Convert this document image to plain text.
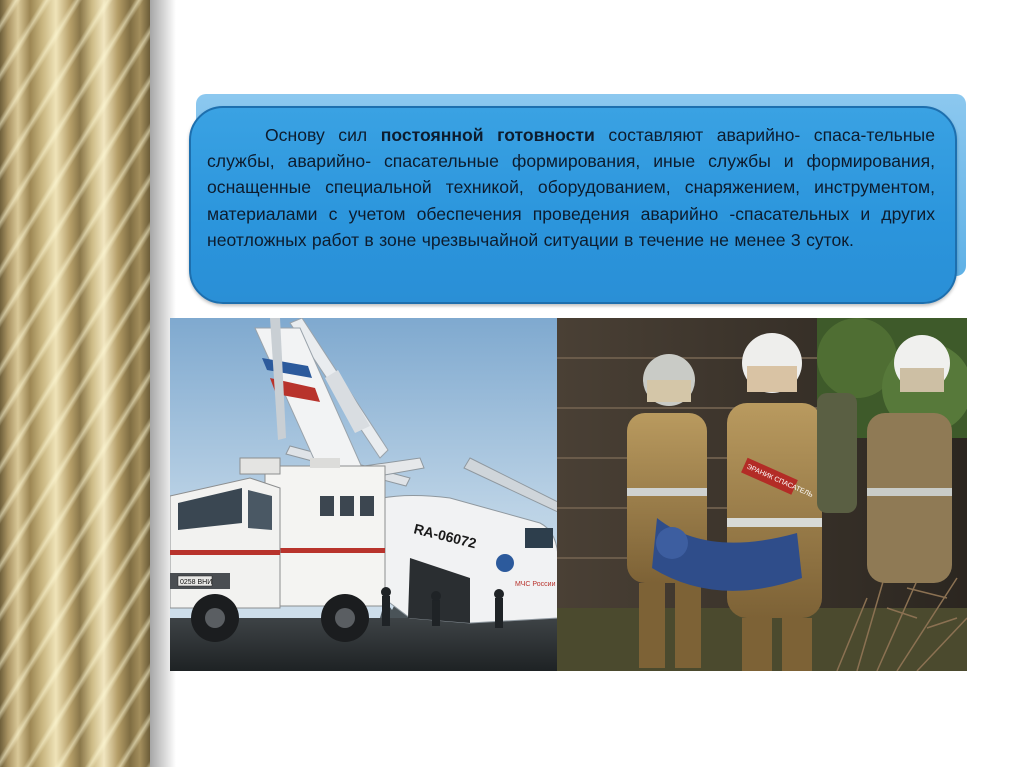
Основу сил постоянной готовности составляют аварийно- спаса-тельные службы, аварийно- спасательные формирования, иные службы и формирования, оснащенные специальной техникой, оборудованием, снаряжением, инструментом, материалами с учетом обеспечения проведения аварийно -спасательных и других неотложных работ в зоне чрезвычайной ситуации в течение не менее 3 суток.

RA-06072
МЧС России
0258 ВНИ
ЭРАНИК СПАСАТЕЛЬ
